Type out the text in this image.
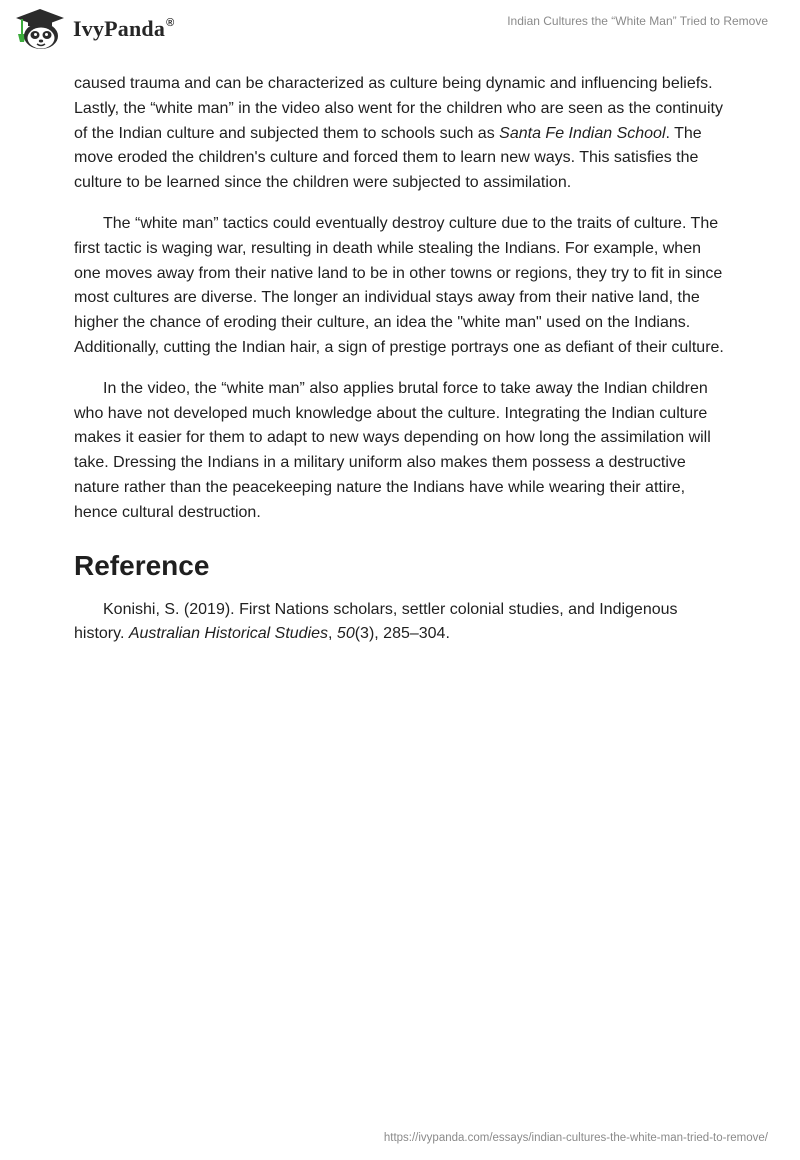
IvyPanda®	Indian Cultures the “White Man” Tried to Remove

caused trauma and can be characterized as culture being dynamic and influencing beliefs. Lastly, the “white man” in the video also went for the children who are seen as the continuity of the Indian culture and subjected them to schools such as Santa Fe Indian School. The move eroded the children's culture and forced them to learn new ways. This satisfies the culture to be learned since the children were subjected to assimilation.

The “white man” tactics could eventually destroy culture due to the traits of culture. The first tactic is waging war, resulting in death while stealing the Indians. For example, when one moves away from their native land to be in other towns or regions, they try to fit in since most cultures are diverse. The longer an individual stays away from their native land, the higher the chance of eroding their culture, an idea the "white man" used on the Indians. Additionally, cutting the Indian hair, a sign of prestige portrays one as defiant of their culture.

In the video, the “white man” also applies brutal force to take away the Indian children who have not developed much knowledge about the culture. Integrating the Indian culture makes it easier for them to adapt to new ways depending on how long the assimilation will take. Dressing the Indians in a military uniform also makes them possess a destructive nature rather than the peacekeeping nature the Indians have while wearing their attire, hence cultural destruction.

Reference

Konishi, S. (2019). First Nations scholars, settler colonial studies, and Indigenous history. Australian Historical Studies, 50(3), 285–304.

https://ivypanda.com/essays/indian-cultures-the-white-man-tried-to-remove/
